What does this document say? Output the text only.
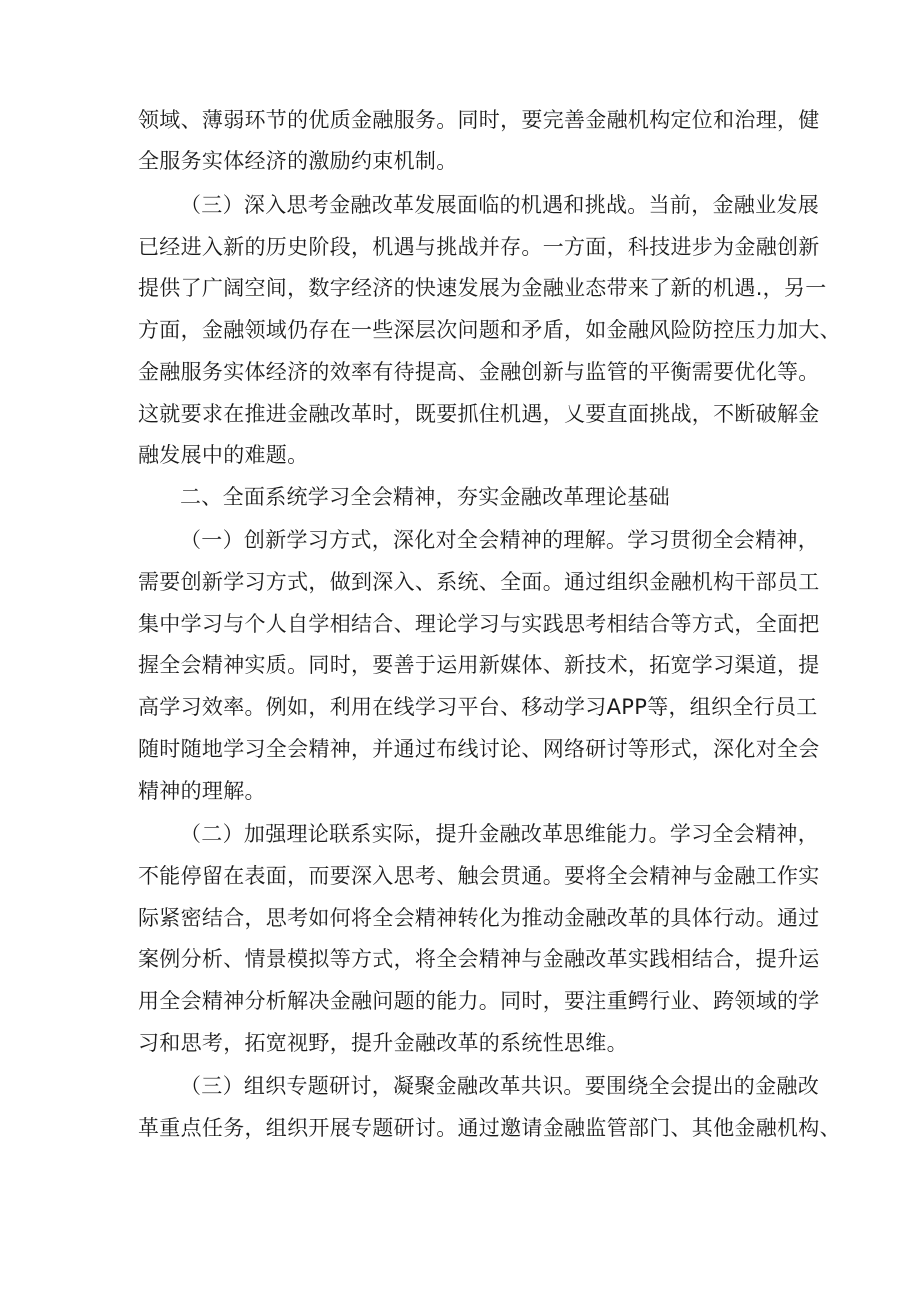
领域、薄弱环节的优质金融服务。同时，要完善金融机构定位和治理，健
全服务实体经济的激励约束机制。
（三）深入思考金融改革发展面临的机遇和挑战。当前，金融业发展
已经进入新的历史阶段，机遇与挑战并存。一方面，科技进步为金融创新
提供了广阔空间，数字经济的快速发展为金融业态带来了新的机遇.，另一
方面，金融领域仍存在一些深层次问题和矛盾，如金融风险防控压力加大、
金融服务实体经济的效率有待提高、金融创新与监管的平衡需要优化等。
这就要求在推进金融改革时，既要抓住机遇，乂要直面挑战，不断破解金
融发展中的难题。
二、全面系统学习全会精神，夯实金融改革理论基础
（一）创新学习方式，深化对全会精神的理解。学习贯彻全会精神，
需要创新学习方式，做到深入、系统、全面。通过组织金融机构干部员工
集中学习与个人自学相结合、理论学习与实践思考相结合等方式，全面把
握全会精神实质。同时，要善于运用新媒体、新技术，拓宽学习渠道，提
高学习效率。例如，利用在线学习平台、移动学习APP等，组织全行员工
随时随地学习全会精神，并通过布线讨论、网络研讨等形式，深化对全会
精神的理解。
（二）加强理论联系实际，提升金融改革思维能力。学习全会精神，
不能停留在表面，而要深入思考、触会贯通。要将全会精神与金融工作实
际紧密结合，思考如何将全会精神转化为推动金融改革的具体行动。通过
案例分析、情景模拟等方式，将全会精神与金融改革实践相结合，提升运
用全会精神分析解决金融问题的能力。同时，要注重鳄行业、跨领域的学
习和思考，拓宽视野，提升金融改革的系统性思维。
（三）组织专题研讨，凝聚金融改革共识。要围绕全会提出的金融改
革重点任务，组织开展专题研讨。通过邀请金融监管部门、其他金融机构、
